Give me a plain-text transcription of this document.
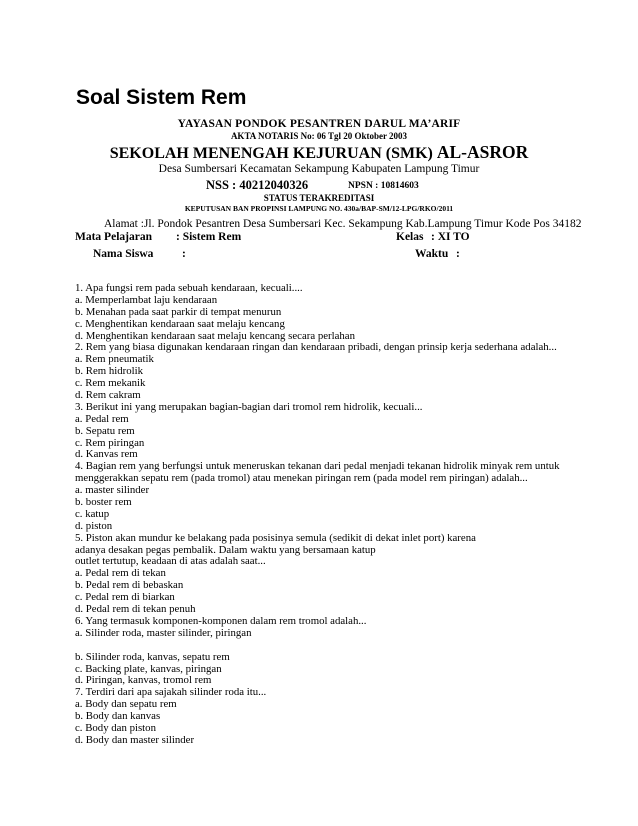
Soal Sistem Rem
YAYASAN PONDOK PESANTREN DARUL MA’ARIF
AKTA NOTARIS No: 06 Tgl 20 Oktober 2003
SEKOLAH MENENGAH KEJURUAN (SMK) AL-ASROR
Desa Sumbersari Kecamatan Sekampung Kabupaten Lampung Timur
NSS : 40212040326	NPSN : 10814603
STATUS TERAKREDITASI
KEPUTUSAN BAN PROPINSI LAMPUNG NO. 430a/BAP-SM/12-LPG/RKO/2011
Alamat :Jl. Pondok Pesantren Desa Sumbersari Kec. Sekampung Kab.Lampung Timur Kode Pos 34182
Mata Pelajaran : Sistem Rem	Kelas : XI TO
Nama Siswa :	Waktu :
1. Apa fungsi rem pada sebuah kendaraan, kecuali....
a. Memperlambat laju kendaraan
b. Menahan pada saat parkir di tempat menurun
c. Menghentikan kendaraan saat melaju kencang
d. Menghentikan kendaraan saat melaju kencang secara perlahan
2. Rem yang biasa digunakan kendaraan ringan dan kendaraan pribadi, dengan prinsip kerja sederhana adalah...
a. Rem pneumatik
b. Rem hidrolik
c. Rem mekanik
d. Rem cakram
3. Berikut ini yang merupakan bagian-bagian dari tromol rem hidrolik, kecuali...
a. Pedal rem
b. Sepatu rem
c. Rem piringan
d. Kanvas rem
4. Bagian rem yang berfungsi untuk meneruskan tekanan dari pedal menjadi tekanan hidrolik minyak rem untuk
menggerakkan sepatu rem (pada tromol) atau menekan piringan rem (pada model rem piringan) adalah...
a. master silinder
b. boster rem
c. katup
d. piston
5. Piston akan mundur ke belakang pada posisinya semula (sedikit di dekat inlet port) karena
adanya desakan pegas pembalik. Dalam waktu yang bersamaan katup
outlet tertutup, keadaan di atas adalah saat...
a. Pedal rem di tekan
b. Pedal rem di bebaskan
c. Pedal rem di biarkan
d. Pedal rem di tekan penuh
6. Yang termasuk komponen-komponen dalam rem tromol adalah...
a. Silinder roda, master silinder, piringan
b. Silinder roda, kanvas, sepatu rem
c. Backing plate, kanvas, piringan
d. Piringan, kanvas, tromol rem
7. Terdiri dari apa sajakah silinder roda itu...
a. Body dan sepatu rem
b. Body dan kanvas
c. Body dan piston
d. Body dan master silinder
